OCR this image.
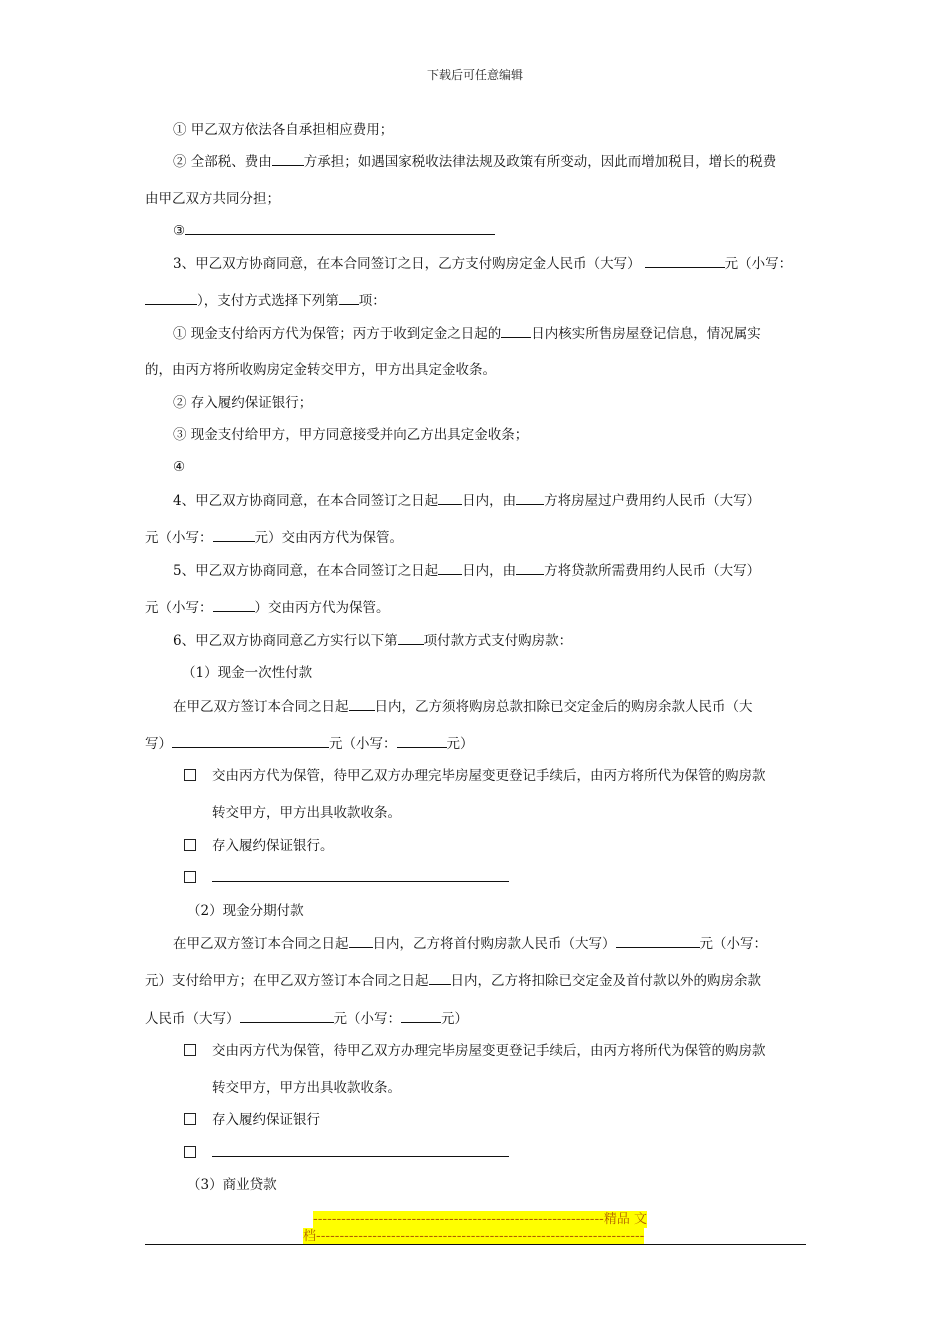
下载后可任意编辑
① 甲乙双方依法各自承担相应费用；
② 全部税、费由 方承担；如遇国家税收法律法规及政策有所变动，因此而增加税目，增长的税费
由甲乙双方共同分担；
③
3、甲乙双方协商同意，在本合同签订之日，乙方支付购房定金人民币（大写）	元（小写：
），支付方式选择下列第 项：
① 现金支付给丙方代为保管；丙方于收到定金之日起的 日内核实所售房屋登记信息，情况属实
的，由丙方将所收购房定金转交甲方，甲方出具定金收条。
② 存入履约保证银行；
③ 现金支付给甲方，甲方同意接受并向乙方出具定金收条；
④
4、甲乙双方协商同意，在本合同签订之日起 日内，由 方将房屋过户费用约人民币（大写）
元（小写：	元）交由丙方代为保管。
5、甲乙双方协商同意，在本合同签订之日起 日内，由 方将贷款所需费用约人民币（大写）
元（小写：	）交由丙方代为保管。
6、甲乙双方协商同意乙方实行以下第 项付款方式支付购房款：
（1）现金一次性付款
在甲乙双方签订本合同之日起 日内，乙方须将购房总款扣除已交定金后的购房余款人民币（大
写）	元（小写：	元）
交由丙方代为保管，待甲乙双方办理完毕房屋变更登记手续后，由丙方将所代为保管的购房款
转交甲方，甲方出具收款收条。
存入履约保证银行。
（2）现金分期付款
在甲乙双方签订本合同之日起 日内，乙方将首付购房款人民币（大写）	元（小写：
元）支付给甲方；在甲乙双方签订本合同之日起 日内，乙方将扣除已交定金及首付款以外的购房余款
人民币（大写）	元（小写：	元）
交由丙方代为保管，待甲乙双方办理完毕房屋变更登记手续后，由丙方将所代为保管的购房款
转交甲方，甲方出具收款收条。
存入履约保证银行
（3）商业贷款
--------------------------------------------------------------精品 文
档----------------------------------------------------------------------
